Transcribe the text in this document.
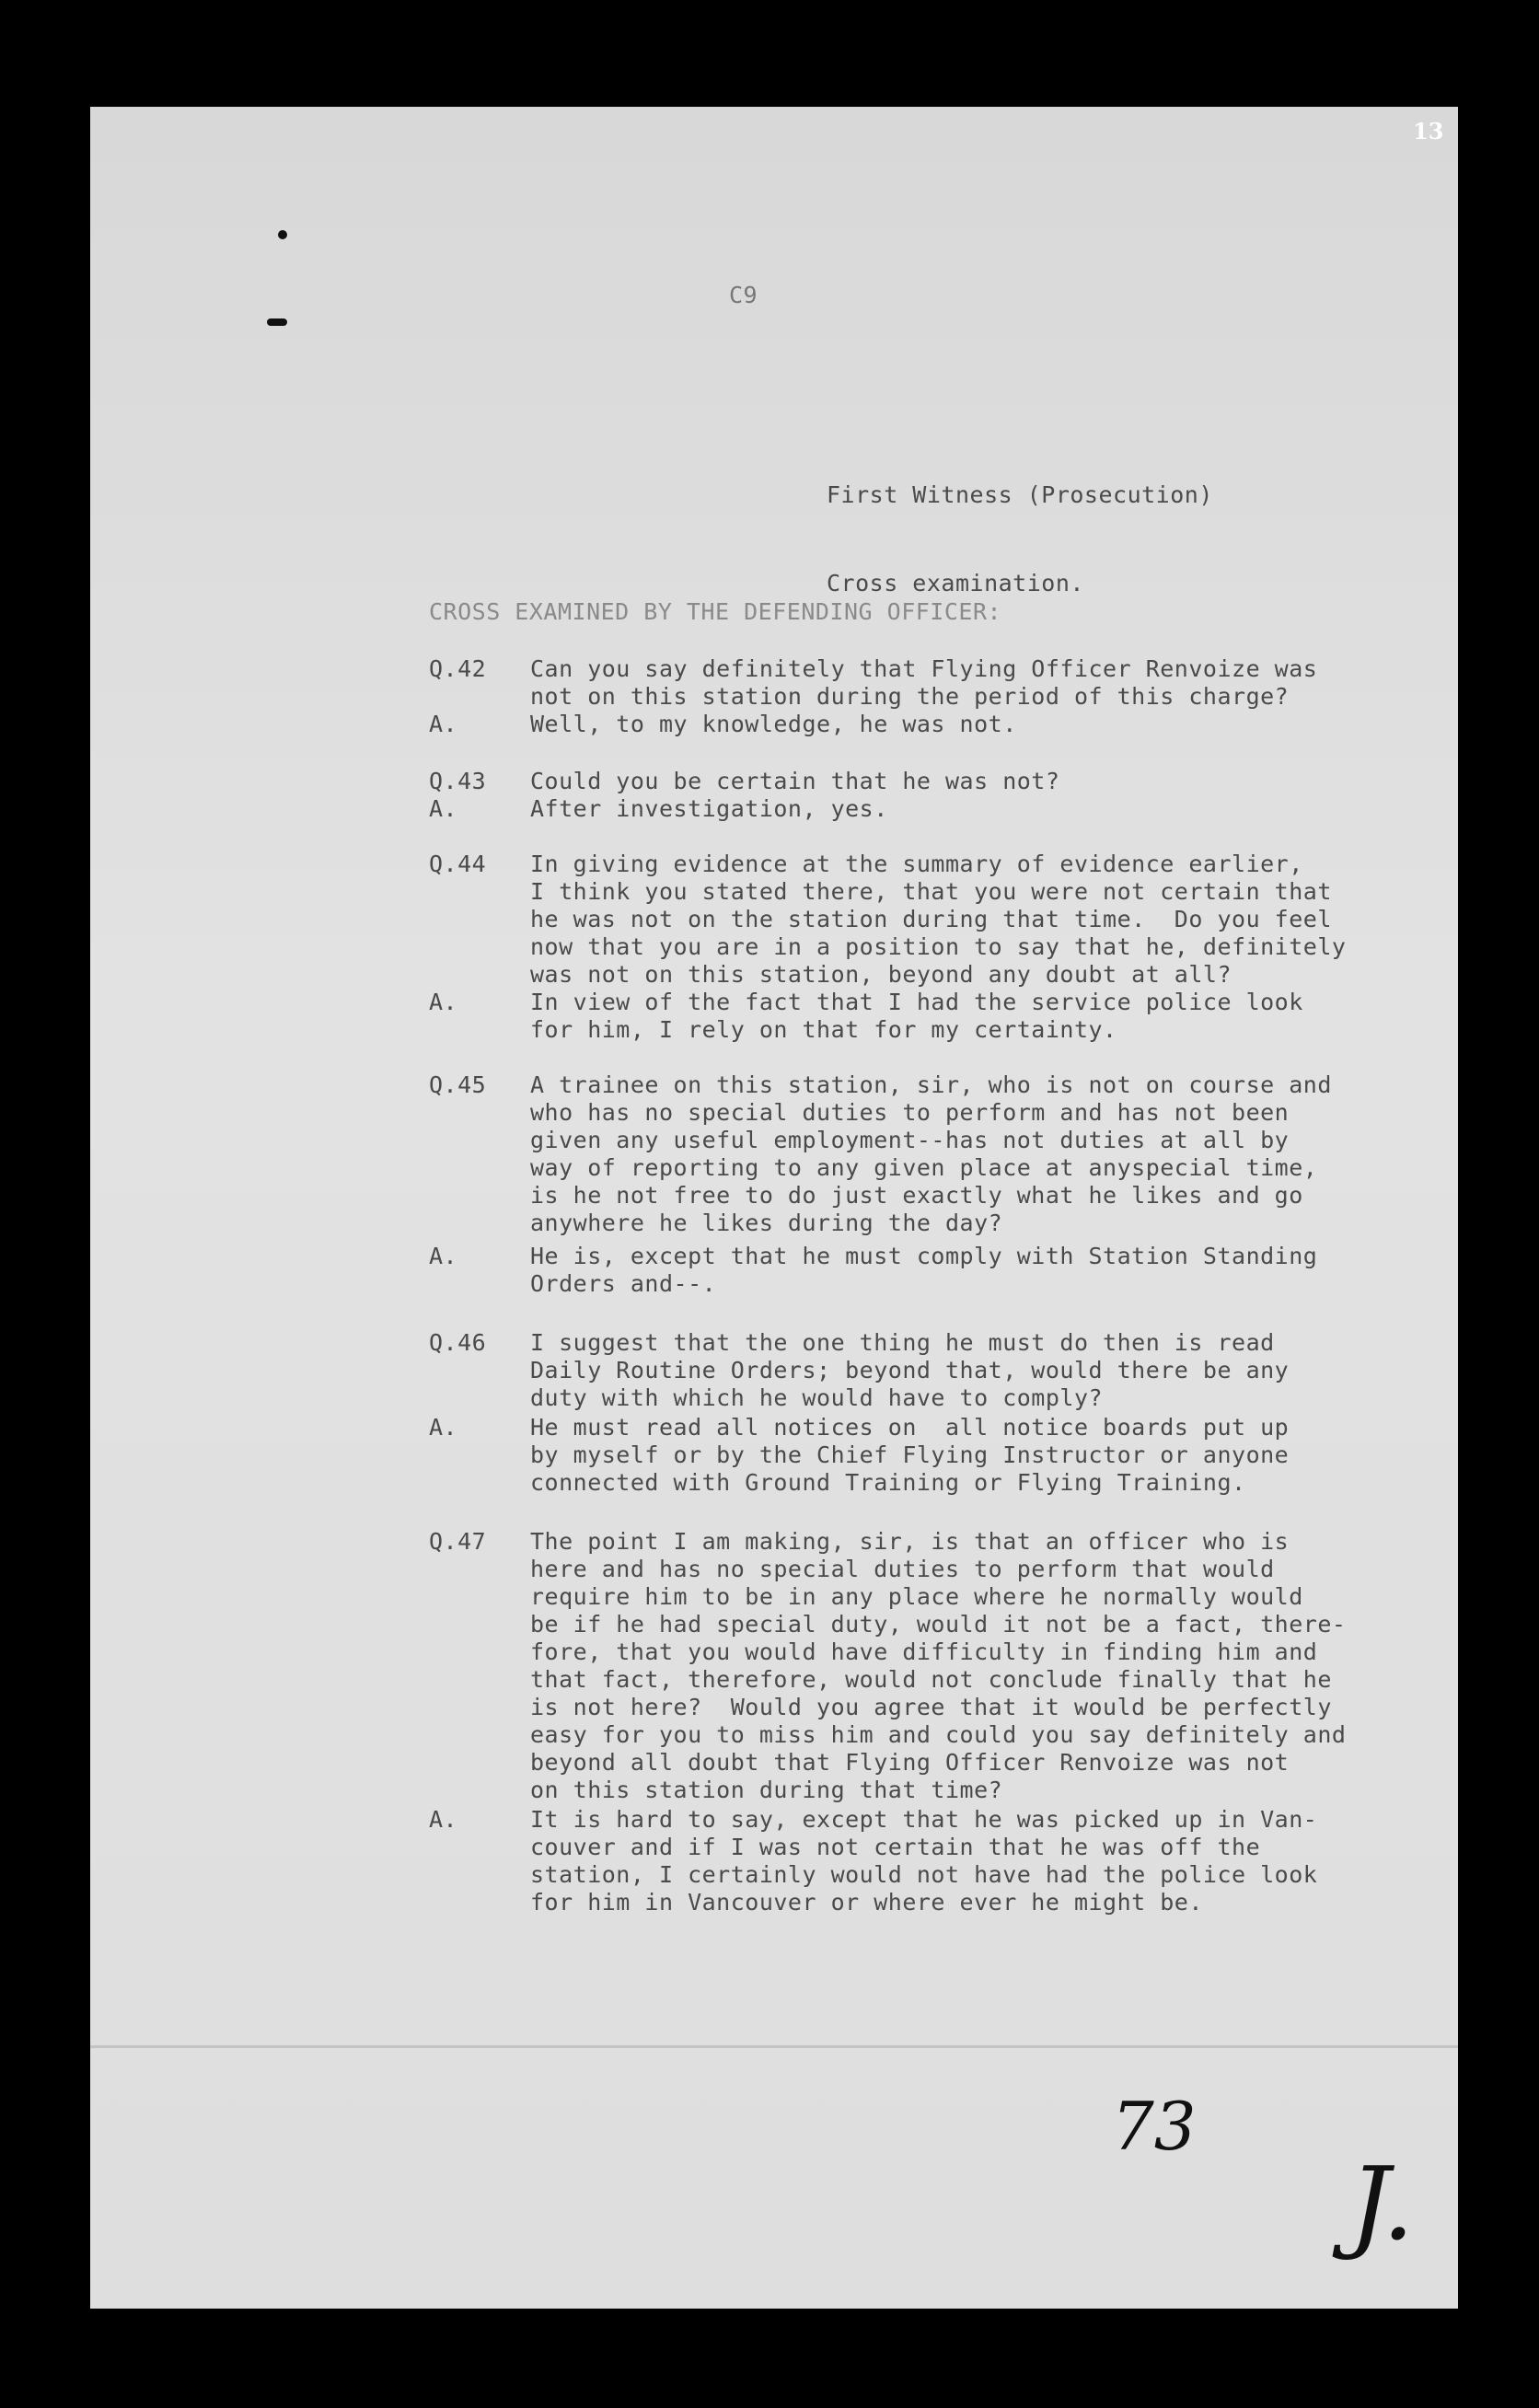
13
C9

First Witness (Prosecution)

Cross examination.

CROSS EXAMINED BY THE DEFENDING OFFICER:

Q.42

	Can you say definitely that Flying Officer Renvoize was
not on this station during the period of this charge?

A.

	Well, to my knowledge, he was not.

Q.43

	Could you be certain that he was not?

A.

	After investigation, yes.

Q.44

	In giving evidence at the summary of evidence earlier,
I think you stated there, that you were not certain that
he was not on the station during that time.  Do you feel
now that you are in a position to say that he, definitely
was not on this station, beyond any doubt at all?

A.

	In view of the fact that I had the service police look
for him, I rely on that for my certainty.

Q.45

	A trainee on this station, sir, who is not on course and
who has no special duties to perform and has not been
given any useful employment--has not duties at all by
way of reporting to any given place at anyspecial time,
is he not free to do just exactly what he likes and go
anywhere he likes during the day?

A.

	He is, except that he must comply with Station Standing
Orders and--.

Q.46

	I suggest that the one thing he must do then is read
Daily Routine Orders; beyond that, would there be any
duty with which he would have to comply?

A.

	He must read all notices on  all notice boards put up
by myself or by the Chief Flying Instructor or anyone
connected with Ground Training or Flying Training.

Q.47

	The point I am making, sir, is that an officer who is
here and has no special duties to perform that would
require him to be in any place where he normally would
be if he had special duty, would it not be a fact, there-
fore, that you would have difficulty in finding him and
that fact, therefore, would not conclude finally that he
is not here?  Would you agree that it would be perfectly
easy for you to miss him and could you say definitely and
beyond all doubt that Flying Officer Renvoize was not
on this station during that time?

A.

	It is hard to say, except that he was picked up in Van-
couver and if I was not certain that he was off the
station, I certainly would not have had the police look
for him in Vancouver or where ever he might be.

73
J.
